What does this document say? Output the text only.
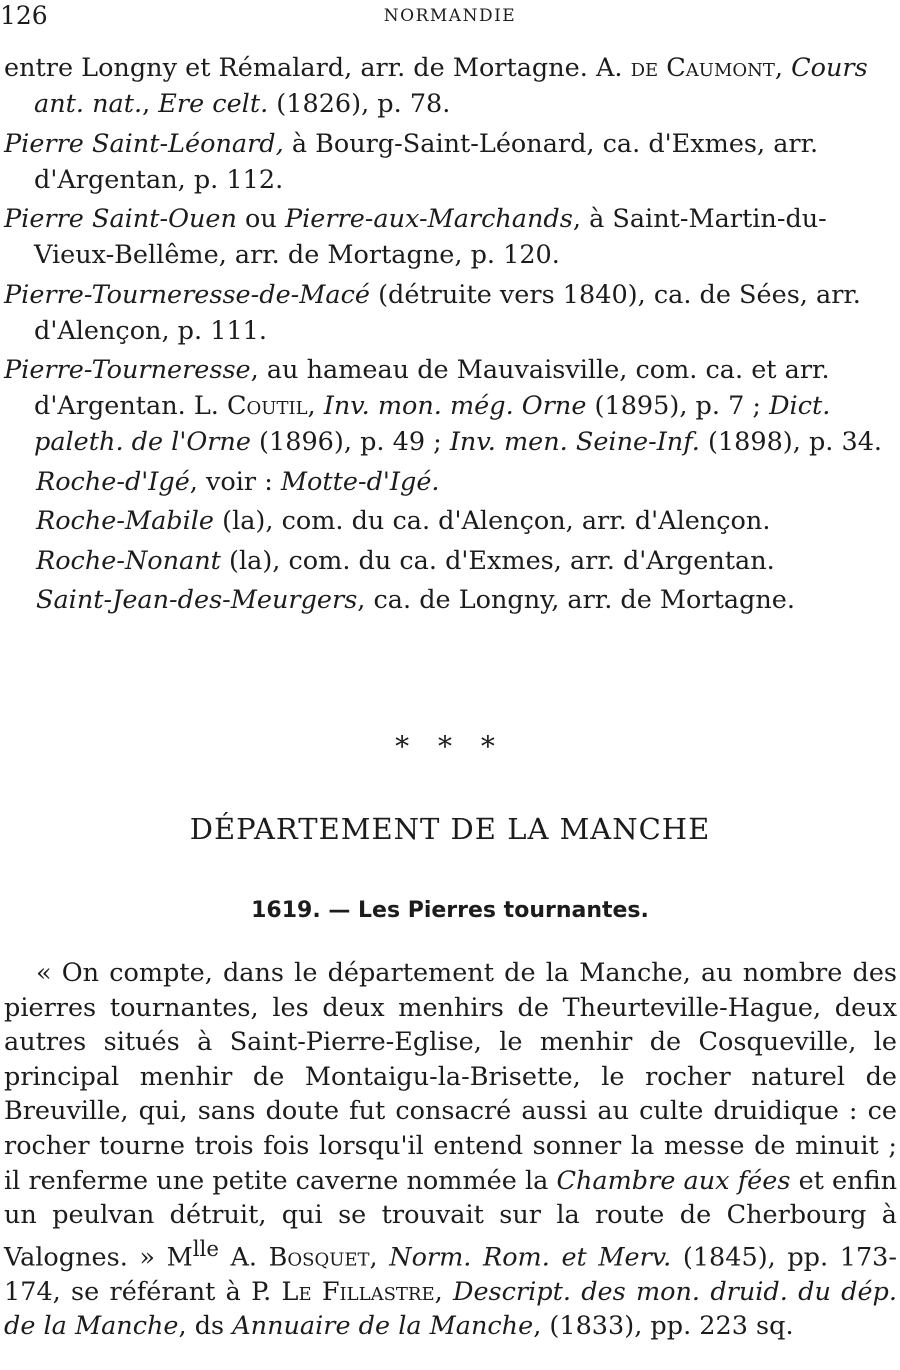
126	NORMANDIE

entre Longny et Rémalard, arr. de Mortagne. A. de Caumont, Cours ant. nat., Ere celt. (1826), p. 78.

Pierre Saint-Léonard, à Bourg-Saint-Léonard, ca. d'Exmes, arr. d'Argentan, p. 112.

Pierre Saint-Ouen ou Pierre-aux-Marchands, à Saint-Martin-du-Vieux-Bellême, arr. de Mortagne, p. 120.

Pierre-Tourneresse-de-Macé (détruite vers 1840), ca. de Sées, arr. d'Alençon, p. 111.

Pierre-Tourneresse, au hameau de Mauvaisville, com. ca. et arr. d'Argentan. L. Coutil, Inv. mon. még. Orne (1895), p. 7 ; Dict. paleth. de l'Orne (1896), p. 49 ; Inv. men. Seine-Inf. (1898), p. 34.

Roche-d'Igé, voir : Motte-d'Igé.

Roche-Mabile (la), com. du ca. d'Alençon, arr. d'Alençon.

Roche-Nonant (la), com. du ca. d'Exmes, arr. d'Argentan.

Saint-Jean-des-Meurgers, ca. de Longny, arr. de Mortagne.

* * *
DÉPARTEMENT DE LA MANCHE
1619. — Les Pierres tournantes.

« On compte, dans le département de la Manche, au nombre des pierres tournantes, les deux menhirs de Theurteville-Hague, deux autres situés à Saint-Pierre-Eglise, le menhir de Cosqueville, le principal menhir de Montaigu-la-Brisette, le rocher naturel de Breuville, qui, sans doute fut consacré aussi au culte druidique : ce rocher tourne trois fois lorsqu'il entend sonner la messe de minuit ; il renferme une petite caverne nommée la Chambre aux fées et enfin un peulvan détruit, qui se trouvait sur la route de Cherbourg à Valognes. » $M^{lle}$ A. Bosquet, Norm. Rom. et Merv. (1845), pp. 173-174, se référant à P. Le Fillastre, Descript. des mon. druid. du dép. de la Manche, ds Annuaire de la Manche, (1833), pp. 223 sq.
